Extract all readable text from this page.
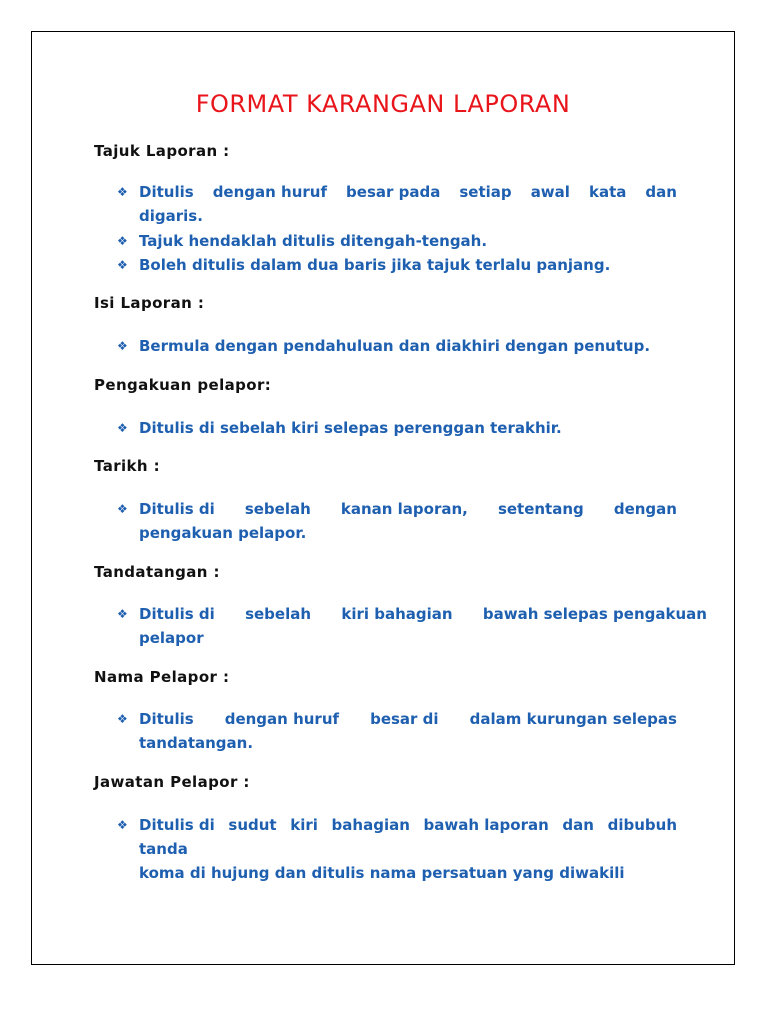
FORMAT KARANGAN LAPORAN
Tajuk Laporan :
❖ Ditulis dengan huruf besar pada setiap awal kata dan
digaris.
❖ Tajuk hendaklah ditulis ditengah-tengah.
❖ Boleh ditulis dalam dua baris jika tajuk terlalu panjang.
Isi Laporan :
❖ Bermula dengan pendahuluan dan diakhiri dengan penutup.
Pengakuan pelapor:
❖ Ditulis di sebelah kiri selepas perenggan terakhir.
Tarikh :
❖ Ditulis di sebelah kanan laporan, setentang dengan
pengakuan pelapor.
Tandatangan :
❖ Ditulis di sebelah kiri bahagian bawah selepas pengakuan
pelapor
Nama Pelapor :
❖ Ditulis dengan huruf besar di dalam kurungan selepas
tandatangan.
Jawatan Pelapor :
❖ Ditulis di sudut kiri bahagian bawah laporan dan dibubuh
tanda
koma di hujung dan ditulis nama persatuan yang diwakili
